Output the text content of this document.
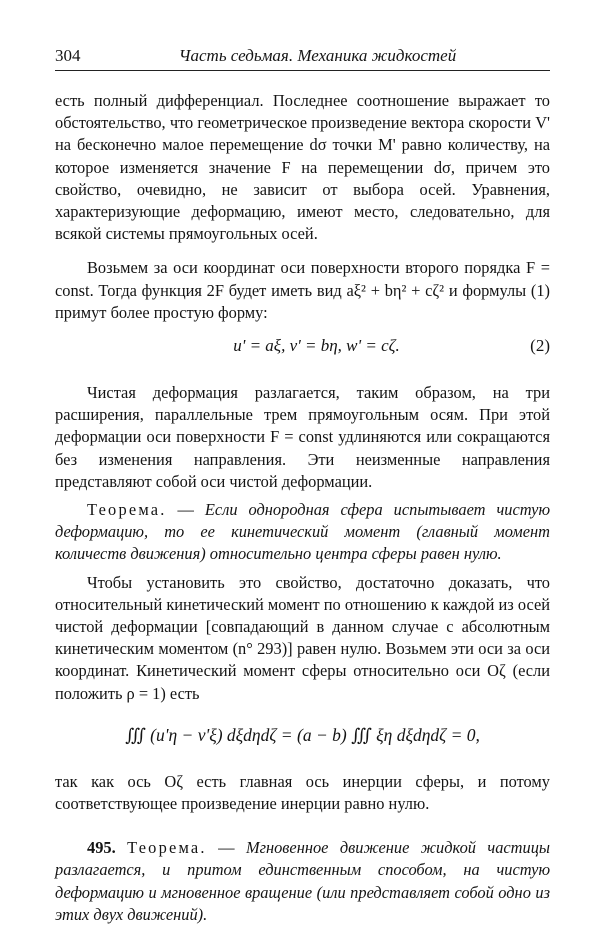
304	Часть седьмая. Механика жидкостей

есть полный дифференциал. Последнее соотношение выражает то обстоятельство, что геометрическое произведение вектора скорости V' на бесконечно малое перемещение dσ точки M' равно количеству, на которое изменяется значение F на перемещении dσ, причем это свойство, очевидно, не зависит от выбора осей. Уравнения, характеризующие деформацию, имеют место, следовательно, для всякой системы прямоугольных осей.

Возьмем за оси координат оси поверхности второго порядка F = const. Тогда функция 2F будет иметь вид aξ² + bη² + cζ² и формулы (1) примут более простую форму:

u' = aξ, v' = bη, w' = cζ.	(2)

Чистая деформация разлагается, таким образом, на три расширения, параллельные трем прямоугольным осям. При этой деформации оси поверхности F = const удлиняются или сокращаются без изменения направления. Эти неизменные направления представляют собой оси чистой деформации.

Теорема. — Если однородная сфера испытывает чистую деформацию, то ее кинетический момент (главный момент количеств движения) относительно центра сферы равен нулю.

Чтобы установить это свойство, достаточно доказать, что относительный кинетический момент по отношению к каждой из осей чистой деформации [совпадающий в данном случае с абсолютным кинетическим моментом (n° 293)] равен нулю. Возьмем эти оси за оси координат. Кинетический момент сферы относительно оси Oζ (если положить ρ = 1) есть

∭ (u'η − v'ξ) dξdηdζ = (a − b) ∭ ξη dξdηdζ = 0,

так как ось Oζ есть главная ось инерции сферы, и потому соответствующее произведение инерции равно нулю.

495. Теорема. — Мгновенное движение жидкой частицы разлагается, и притом единственным способом, на чистую деформацию и мгновенное вращение (или представляет собой одно из этих двух движений).
